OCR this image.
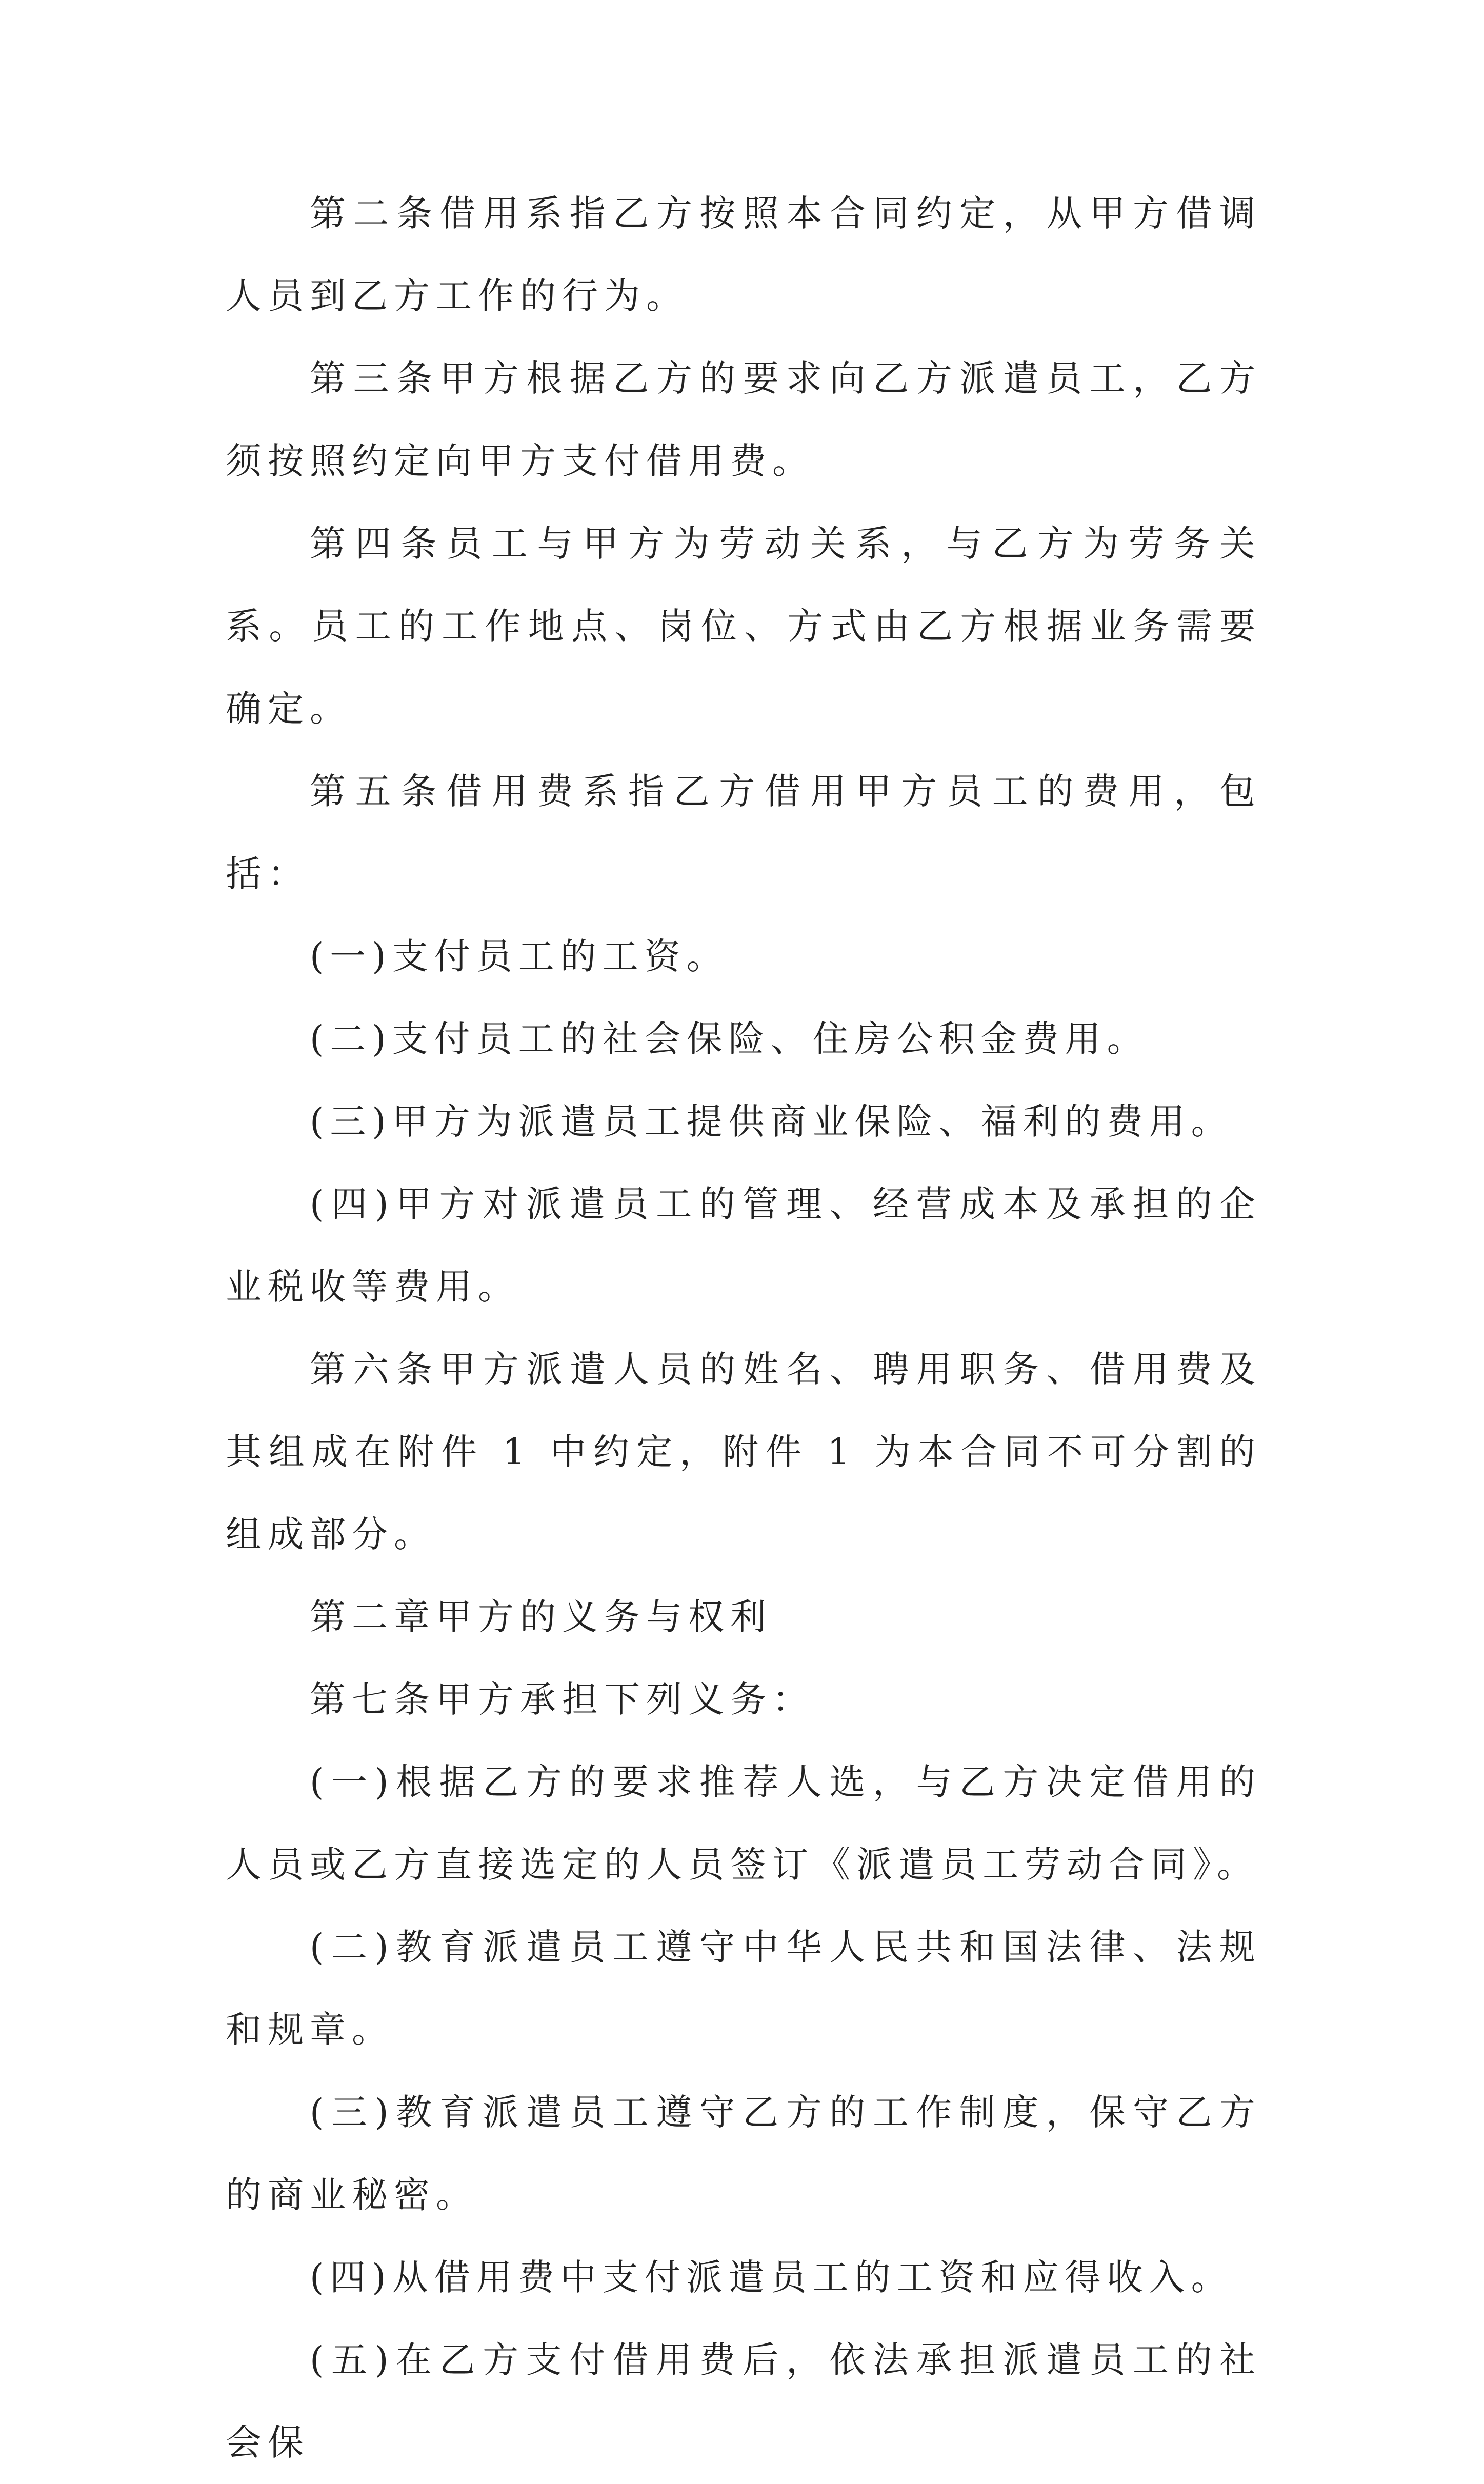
第二条借用系指乙方按照本合同约定，从甲方借调人员到乙方工作的行为。

第三条甲方根据乙方的要求向乙方派遣员工，乙方须按照约定向甲方支付借用费。

第四条员工与甲方为劳动关系，与乙方为劳务关系。员工的工作地点、岗位、方式由乙方根据业务需要确定。

第五条借用费系指乙方借用甲方员工的费用，包括：

(一)支付员工的工资。

(二)支付员工的社会保险、住房公积金费用。

(三)甲方为派遣员工提供商业保险、福利的费用。

(四)甲方对派遣员工的管理、经营成本及承担的企业税收等费用。

第六条甲方派遣人员的姓名、聘用职务、借用费及其组成在附件 1 中约定，附件 1 为本合同不可分割的组成部分。

第二章甲方的义务与权利

第七条甲方承担下列义务：

(一)根据乙方的要求推荐人选，与乙方决定借用的人员或乙方直接选定的人员签订《派遣员工劳动合同》。

(二)教育派遣员工遵守中华人民共和国法律、法规和规章。

(三)教育派遣员工遵守乙方的工作制度，保守乙方的商业秘密。

(四)从借用费中支付派遣员工的工资和应得收入。

(五)在乙方支付借用费后，依法承担派遣员工的社会保
